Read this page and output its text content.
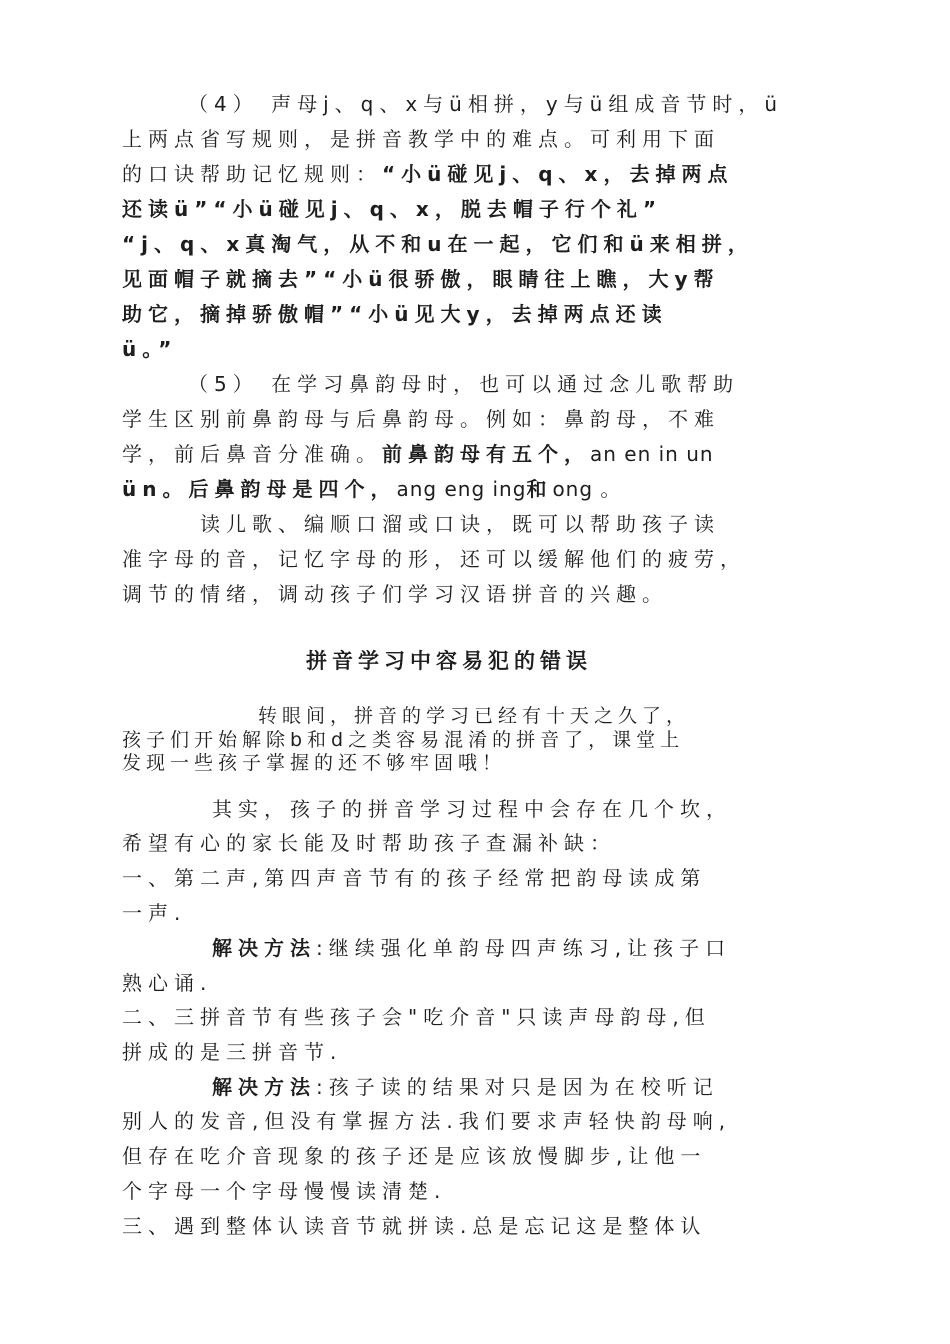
（4） 声母j、q、x与ü相拼，y与ü组成音节时，ü

上两点省写规则，是拼音教学中的难点。可利用下面

的口诀帮助记忆规则：“小ü碰见j、q、x，去掉两点

还读ü”“小ü碰见j、q、x，脱去帽子行个礼”

“j、q、x真淘气，从不和u在一起，它们和ü来相拼，

见面帽子就摘去”“小ü很骄傲，眼睛往上瞧，大y帮

助它，摘掉骄傲帽”“小ü见大y，去掉两点还读

ü。”

（5） 在学习鼻韵母时，也可以通过念儿歌帮助

学生区别前鼻韵母与后鼻韵母。例如：鼻韵母，不难

学，前后鼻音分准确。前鼻韵母有五个，an en in un

ün。后鼻韵母是四个，ang eng ing和ong 。

读儿歌、编顺口溜或口诀，既可以帮助孩子读

准字母的音，记忆字母的形，还可以缓解他们的疲劳，

调节的情绪，调动孩子们学习汉语拼音的兴趣。

拼音学习中容易犯的错误

转眼间，拼音的学习已经有十天之久了，

孩子们开始解除b和d之类容易混淆的拼音了，课堂上

发现一些孩子掌握的还不够牢固哦！

其实，孩子的拼音学习过程中会存在几个坎，

希望有心的家长能及时帮助孩子查漏补缺：

一、第二声,第四声音节有的孩子经常把韵母读成第

一声.

解决方法:继续强化单韵母四声练习,让孩子口

熟心诵.

二、三拼音节有些孩子会"吃介音"只读声母韵母,但

拼成的是三拼音节.

解决方法:孩子读的结果对只是因为在校听记

别人的发音,但没有掌握方法.我们要求声轻快韵母响,

但存在吃介音现象的孩子还是应该放慢脚步,让他一

个字母一个字母慢慢读清楚.

三、遇到整体认读音节就拼读.总是忘记这是整体认
